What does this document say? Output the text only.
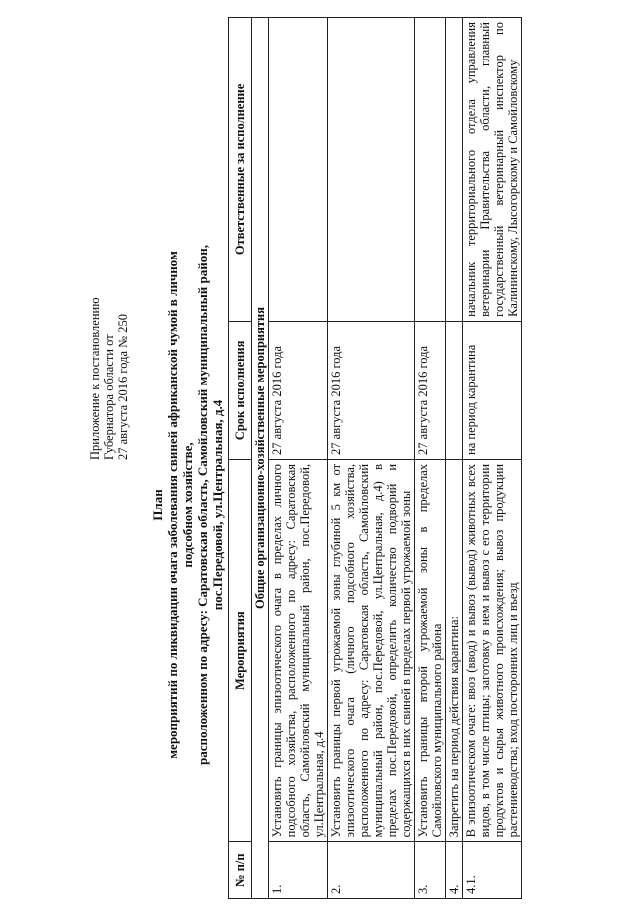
Приложение к постановлению Губернатора области от 27 августа 2016 года № 250
План мероприятий по ликвидации очага заболевания свиней африканской чумой в личном подсобном хозяйстве, расположенном по адресу: Саратовская область, Самойловский муниципальный район, пос.Передовой, ул.Центральная, д.4
№ п/п	Мероприятия	Срок исполнения	Ответственные за исполнение
Общие организационно-хозяйственные мероприятия			
1.	Установить границы эпизоотического очага в пределах личного подсобного хозяйства, расположенного по адресу: Саратовская область, Самойловский муниципальный район, пос.Передовой, ул.Центральная, д.4	27 августа 2016 года	
2.	Установить границы первой угрожаемой зоны глубиной 5 км от эпизоотического очага (личного подсобного хозяйства, расположенного по адресу: Саратовская область, Самойловский муниципальный район, пос.Передовой, ул.Центральная, д.4) в пределах пос.Передовой, определить количество подворий и содержащихся в них свиней в пределах первой угрожаемой зоны	27 августа 2016 года	
3.	Установить границы второй угрожаемой зоны в пределах Самойловского муниципального района	27 августа 2016 года	
4.	Запретить на период действия карантина:		
4.1.	В эпизоотическом очаге: ввоз (ввод) и вывоз (вывод) животных всех видов, в том числе птицы; заготовку в нем и вывоз с его территории продуктов и сырья животного происхождения; вывоз продукции растениеводства; вход посторонних лиц и въезд	на период карантина	начальник территориального отдела управления ветеринарии Правительства области, главный государственный ветеринарный инспектор по Калининскому, Лысогорскому и Самойловскому
